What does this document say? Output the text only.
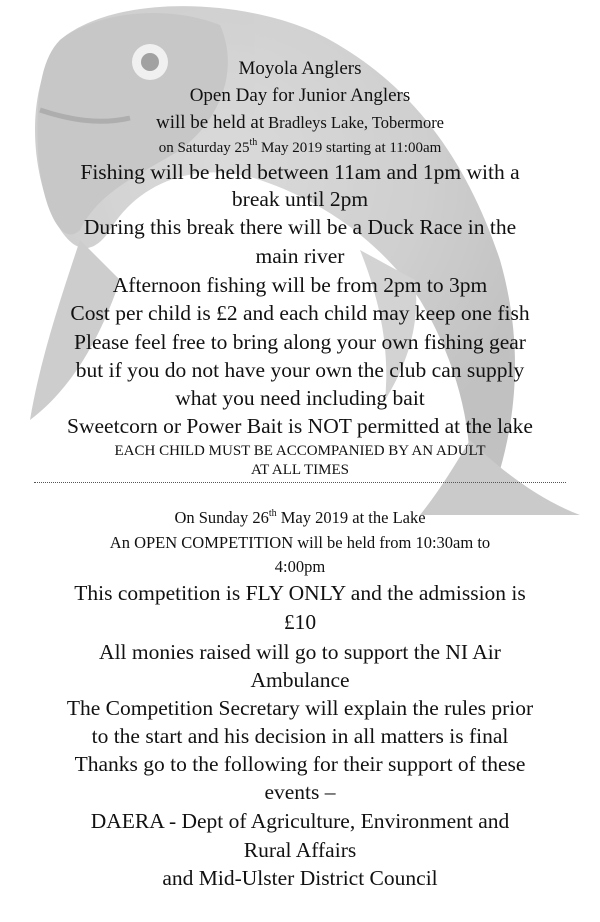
Moyola Anglers
Open Day for Junior Anglers
will be held at Bradleys Lake, Tobermore
on Saturday 25th May 2019 starting at 11:00am
Fishing will be held between 11am and 1pm with a
break until 2pm
During this break there will be a Duck Race in the
main river
Afternoon fishing will be from 2pm to 3pm
Cost per child is £2 and each child may keep one fish
Please feel free to bring along your own fishing gear
but if you do not have your own the club can supply
what you need including bait
Sweetcorn or Power Bait is NOT permitted at the lake
EACH CHILD MUST BE ACCOMPANIED BY AN ADULT
AT ALL TIMES
On Sunday 26th May 2019 at the Lake
An OPEN COMPETITION will be held from 10:30am to
4:00pm
This competition is FLY ONLY and the admission is
£10
All monies raised will go to support the NI Air
Ambulance
The Competition Secretary will explain the rules prior
to the start and his decision in all matters is final
Thanks go to the following for their support of these
events –
DAERA - Dept of Agriculture, Environment and
Rural Affairs
and Mid-Ulster District Council
